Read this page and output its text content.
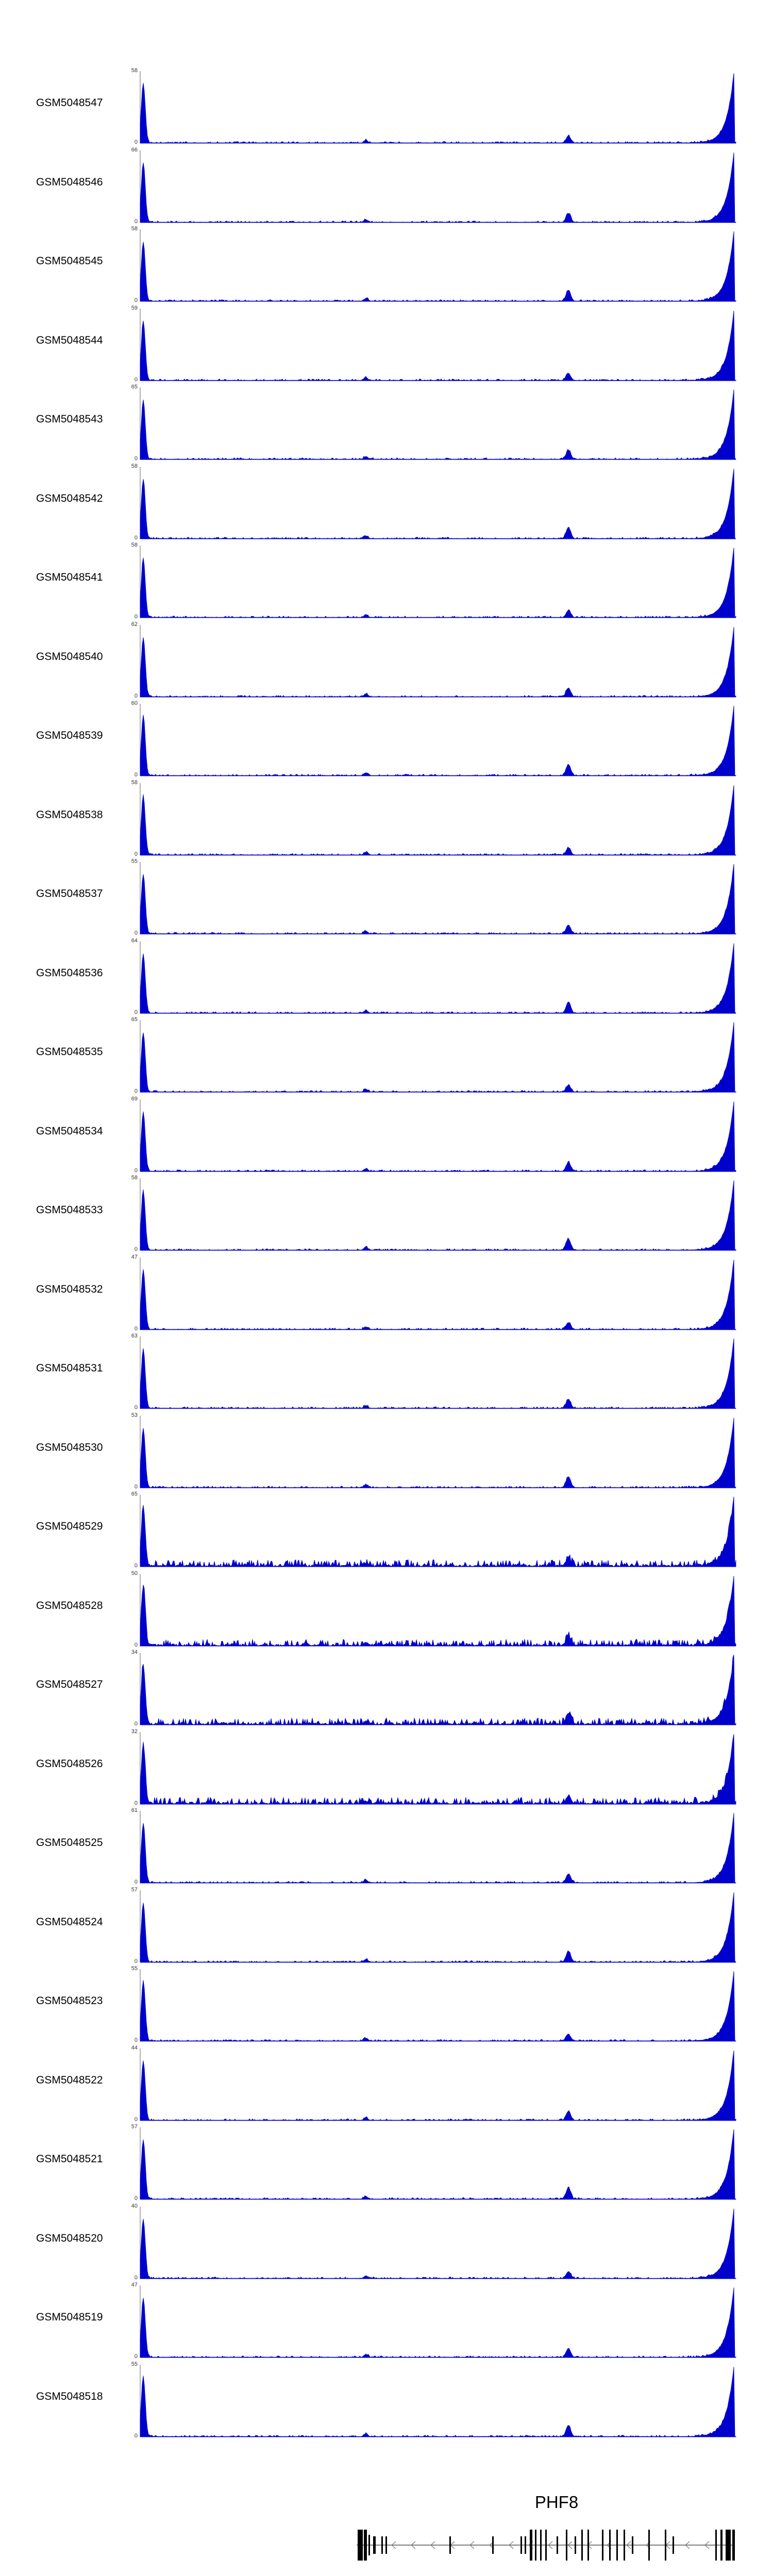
GSM5048547
58
0
GSM5048546
66
0
GSM5048545
58
0
GSM5048544
59
0
GSM5048543
65
0
GSM5048542
58
0
GSM5048541
58
0
GSM5048540
62
0
GSM5048539
60
0
GSM5048538
58
0
GSM5048537
55
0
GSM5048536
64
0
GSM5048535
65
0
GSM5048534
69
0
GSM5048533
58
0
GSM5048532
47
0
GSM5048531
63
0
GSM5048530
53
0
GSM5048529
65
0
GSM5048528
50
0
GSM5048527
34
0
GSM5048526
32
0
GSM5048525
61
0
GSM5048524
57
0
GSM5048523
55
0
GSM5048522
44
0
GSM5048521
57
0
GSM5048520
40
0
GSM5048519
47
0
GSM5048518
55
0
PHF8
